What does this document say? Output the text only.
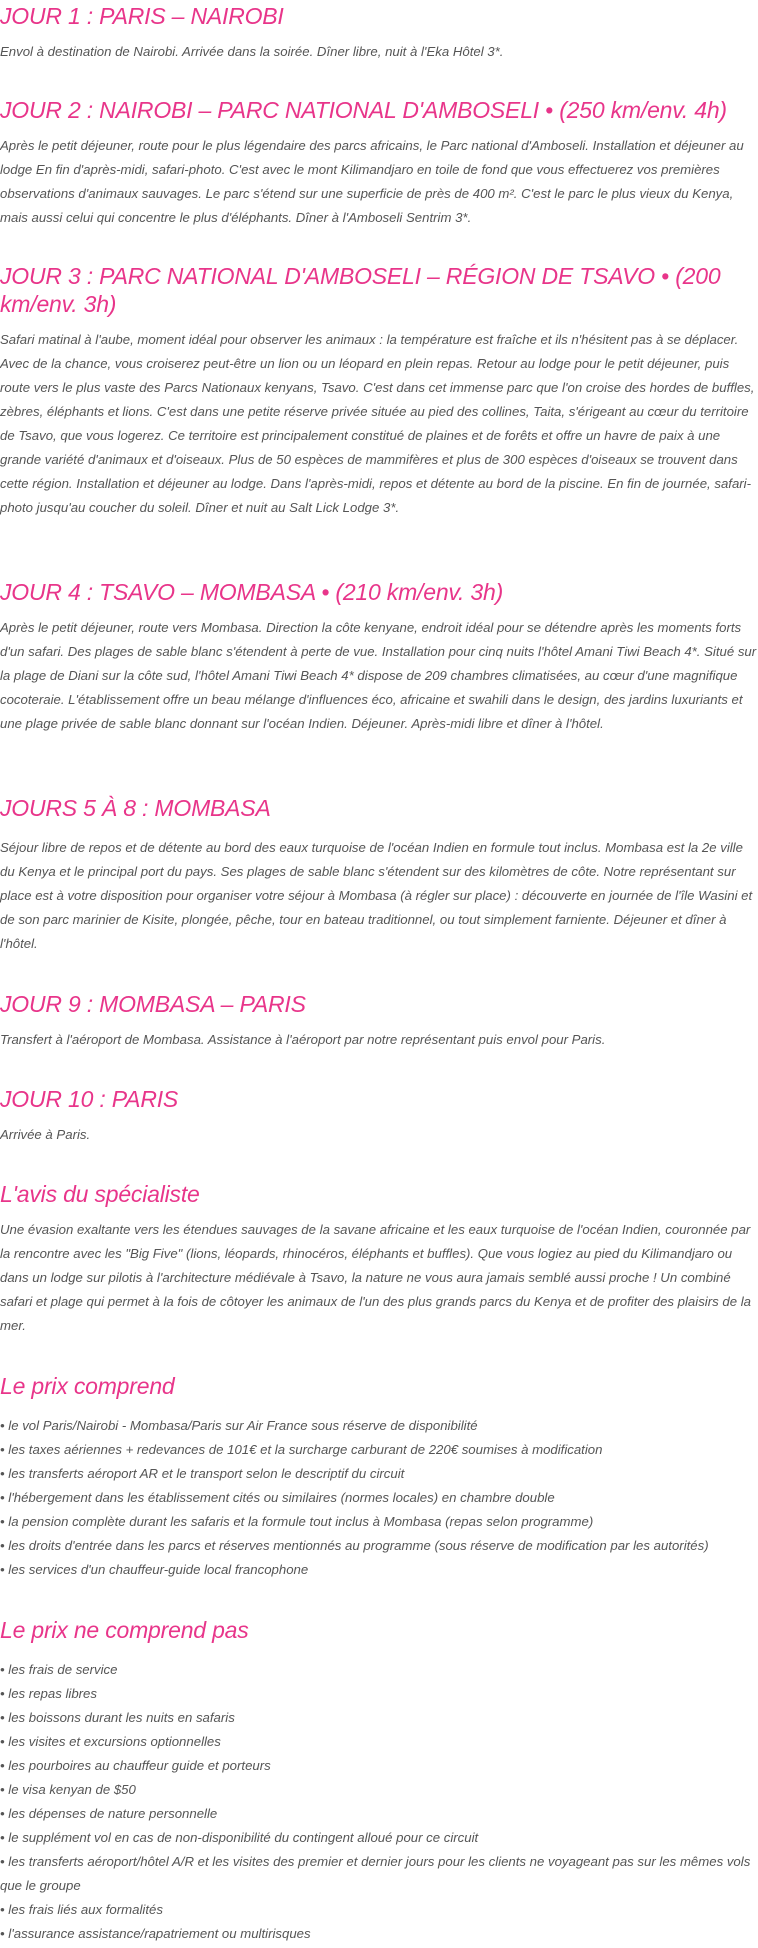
JOUR 1 : PARIS – NAIROBI

Envol à destination de Nairobi. Arrivée dans la soirée. Dîner libre, nuit à l'Eka Hôtel 3*.

JOUR 2 : NAIROBI – PARC NATIONAL D'AMBOSELI • (250 km/env. 4h)

Après le petit déjeuner, route pour le plus légendaire des parcs africains, le Parc national d'Amboseli. Installation et déjeuner au lodge En fin d'après-midi, safari-photo. C'est avec le mont Kilimandjaro en toile de fond que vous effectuerez vos premières observations d'animaux sauvages. Le parc s'étend sur une superficie de près de 400 m². C'est le parc le plus vieux du Kenya, mais aussi celui qui concentre le plus d'éléphants. Dîner à l'Amboseli Sentrim 3*.

JOUR 3 : PARC NATIONAL D'AMBOSELI – RÉGION DE TSAVO • (200 km/env. 3h)

Safari matinal à l'aube, moment idéal pour observer les animaux : la température est fraîche et ils n'hésitent pas à se déplacer. Avec de la chance, vous croiserez peut-être un lion ou un léopard en plein repas. Retour au lodge pour le petit déjeuner, puis route vers le plus vaste des Parcs Nationaux kenyans, Tsavo. C'est dans cet immense parc que l'on croise des hordes de buffles, zèbres, éléphants et lions. C'est dans une petite réserve privée située au pied des collines, Taita, s'érigeant au cœur du territoire de Tsavo, que vous logerez. Ce territoire est principalement constitué de plaines et de forêts et offre un havre de paix à une grande variété d'animaux et d'oiseaux. Plus de 50 espèces de mammifères et plus de 300 espèces d'oiseaux se trouvent dans cette région. Installation et déjeuner au lodge. Dans l'après-midi, repos et détente au bord de la piscine. En fin de journée, safari-photo jusqu'au coucher du soleil. Dîner et nuit au Salt Lick Lodge 3*.

JOUR 4 : TSAVO – MOMBASA • (210 km/env. 3h)

Après le petit déjeuner, route vers Mombasa. Direction la côte kenyane, endroit idéal pour se détendre après les moments forts d'un safari. Des plages de sable blanc s'étendent à perte de vue. Installation pour cinq nuits l'hôtel Amani Tiwi Beach 4*. Situé sur la plage de Diani sur la côte sud, l'hôtel Amani Tiwi Beach 4* dispose de 209 chambres climatisées, au cœur d'une magnifique cocoteraie. L'établissement offre un beau mélange d'influences éco, africaine et swahili dans le design, des jardins luxuriants et une plage privée de sable blanc donnant sur l'océan Indien. Déjeuner. Après-midi libre et dîner à l'hôtel.

JOURS 5 À 8 : MOMBASA

Séjour libre de repos et de détente au bord des eaux turquoise de l'océan Indien en formule tout inclus. Mombasa est la 2e ville du Kenya et le principal port du pays. Ses plages de sable blanc s'étendent sur des kilomètres de côte. Notre représentant sur place est à votre disposition pour organiser votre séjour à Mombasa (à régler sur place) : découverte en journée de l'île Wasini et de son parc marinier de Kisite, plongée, pêche, tour en bateau traditionnel, ou tout simplement farniente. Déjeuner et dîner à l'hôtel.

JOUR 9 : MOMBASA – PARIS

Transfert à l'aéroport de Mombasa. Assistance à l'aéroport par notre représentant puis envol pour Paris.

JOUR 10 : PARIS

Arrivée à Paris.

L'avis du spécialiste

Une évasion exaltante vers les étendues sauvages de la savane africaine et les eaux turquoise de l'océan Indien, couronnée par la rencontre avec les "Big Five" (lions, léopards, rhinocéros, éléphants et buffles). Que vous logiez au pied du Kilimandjaro ou dans un lodge sur pilotis à l'architecture médiévale à Tsavo, la nature ne vous aura jamais semblé aussi proche ! Un combiné safari et plage qui permet à la fois de côtoyer les animaux de l'un des plus grands parcs du Kenya et de profiter des plaisirs de la mer.

Le prix comprend
• le vol Paris/Nairobi - Mombasa/Paris sur Air France sous réserve de disponibilité
• les taxes aériennes + redevances de 101€ et la surcharge carburant de 220€ soumises à modification
• les transferts aéroport AR et le transport selon le descriptif du circuit
• l'hébergement dans les établissement cités ou similaires (normes locales) en chambre double
• la pension complète durant les safaris et la formule tout inclus à Mombasa (repas selon programme)
• les droits d'entrée dans les parcs et réserves mentionnés au programme (sous réserve de modification par les autorités)
• les services d'un chauffeur-guide local francophone
Le prix ne comprend pas
• les frais de service
• les repas libres
• les boissons durant les nuits en safaris
• les visites et excursions optionnelles
• les pourboires au chauffeur guide et porteurs
• le visa kenyan de $50
• les dépenses de nature personnelle
• le supplément vol en cas de non-disponibilité du contingent alloué pour ce circuit
• les transferts aéroport/hôtel A/R et les visites des premier et dernier jours pour les clients ne voyageant pas sur les mêmes vols que le groupe
• les frais liés aux formalités
• l'assurance assistance/rapatriement ou multirisques
